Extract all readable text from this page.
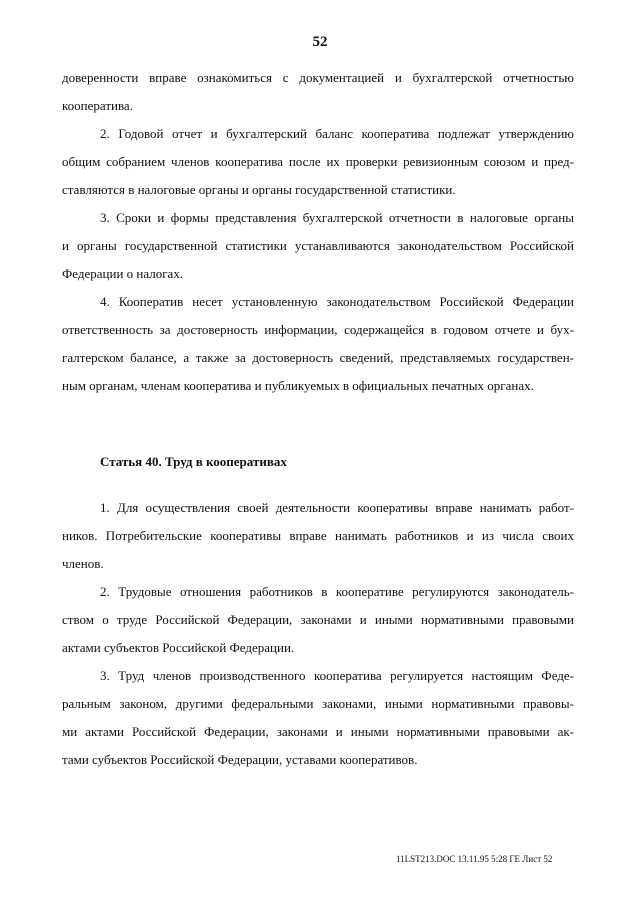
52
доверенности вправе ознакомиться с документацией и бухгалтерской отчетностью
кооператива.
2. Годовой отчет и бухгалтерский баланс кооператива подлежат утверждению
общим собранием членов кооператива после их проверки ревизионным союзом и пред-
ставляются в налоговые органы и органы государственной статистики.
3. Сроки и формы представления бухгалтерской отчетности в налоговые органы
и органы государственной статистики устанавливаются законодательством Российской
Федерации о налогах.
4. Кооператив несет установленную законодательством Российской Федерации
ответственность за достоверность информации, содержащейся в годовом отчете и бух-
галтерском балансе, а также за достоверность сведений, представляемых государствен-
ным органам, членам кооператива и публикуемых в официальных печатных органах.
Статья 40. Труд в кооперативах
1. Для осуществления своей деятельности кооперативы вправе нанимать работ-
ников. Потребительские кооперативы вправе нанимать работников и из числа своих
членов.
2. Трудовые отношения работников в кооперативе регулируются законодатель-
ством о труде Российской Федерации, законами и иными нормативными правовыми
актами субъектов Российской Федерации.
3. Труд членов производственного кооператива регулируется настоящим Феде-
ральным законом, другими федеральными законами, иными нормативными правовы-
ми актами Российской Федерации, законами и иными нормативными правовыми ак-
тами субъектов Российской Федерации, уставами кооперативов.
11LST213.DOC 13.11.95 5:28 ГЕ Лист 52
